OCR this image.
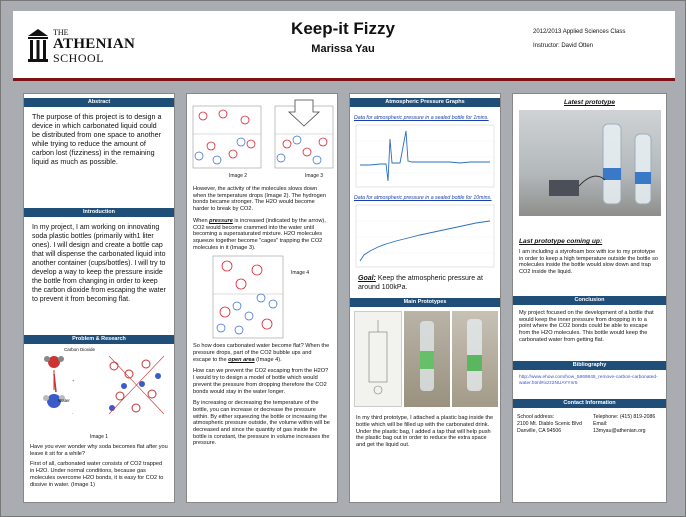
THE
ATHENIAN
SCHOOL
Keep-it Fizzy
Marissa Yau
2012/2013 Applied Sciences Class
Instructor: David Otten
Abstract

The purpose of this project is to design a device in which carbonated liquid could be distributed from one space to another while trying to reduce the amount of carbon lost (fizziness) in the remaining liquid as much as possible.

Introduction

In my project, I am working on innovating soda plastic bottles (primarily with1 liter ones). I will design and create a bottle cap that will dispense the carbonated liquid into another container (cups/bottles). I will try to develop a way to keep the pressure inside the bottle from changing in order to keep the carbon dioxide from escaping the water to prevent it from becoming flat.

Problem & Research
+
-
Carbon Dioxide
Water
Image 1

Have you ever wonder why soda becomes flat after you leave it sit for a while?

First of all, carbonated water consists of CO2 trapped in H2O. Under normal conditions, because gas molecules overcome H2O bonds, it is easy for CO2 to dissive in water. (Image 1)

Image 2	Image 3

However, the activity of the molecules slows down when the temperature drops (Image 2). The hydrogen bonds became stronger. The H2O would become harder to break by CO2.

When pressure is increased (indicated by the arrow), CO2 would become crammed into the water until becoming a supersaturated mixture. H2O molecules squeeze together become "cages" trapping the CO2 molecules in it (Image 3).

Image 4

So how does carbonated water become flat? When the pressure drops, part of the CO2 bubble ups and escape to the open area (Image 4).

How can we prevent the CO2 escaping from the H2O? I would try to design a model of bottle which would prevent the pressure from dropping therefore the CO2 bonds would stay in the water longer.

By increasing or decreasing the temperature of the bottle, you can increase or decrease the pressure within. By either squeezing the bottle or increasing the atmospheric pressure outside, the volume within will be decreased and since the quantity of gas inside the bottle is constant, the pressure in volume increases the pressure.

Atmospheric Pressure Graphs
Data for atmospheric pressure in a sealed bottle for 1mins.
Data for atmospheric pressure in a sealed bottle for 10mins.

Goal: Keep the atmospheric pressure at around 100kPa.

Main Prototypes

In my third prototype, I attached a plastic bag inside the bottle which will be filled up with the carbonated drink. Under the plastic bag, I added a tap that will help push the plastic bag out in order to reduce the extra space and get the liquid out.

Latest prototype
Last prototype coming up:

I am including a styrofoam box with ice to my prototype in order to keep a high temperature outside the bottle so molecules inside the bottle would slow down and trap CO2 inside the liquid.

Conclusion

My project focused on the development of a bottle that would keep the inner pressure from dropping in to a point where the CO2 bonds could be able to escape from the H2O molecules. This bottle would keep the carbonated water from getting flat.

Bibliography

http://www.ehow.com/how_5869845_remove-carbon-carbonated-water.html#ixzz2NUAYYnr5

Contact Information
School address:
2100 Mt. Diablo Scenic Blvd
Danville, CA 94506
Telephone: (415) 819-2086
Email:
13myau@athenian.org
